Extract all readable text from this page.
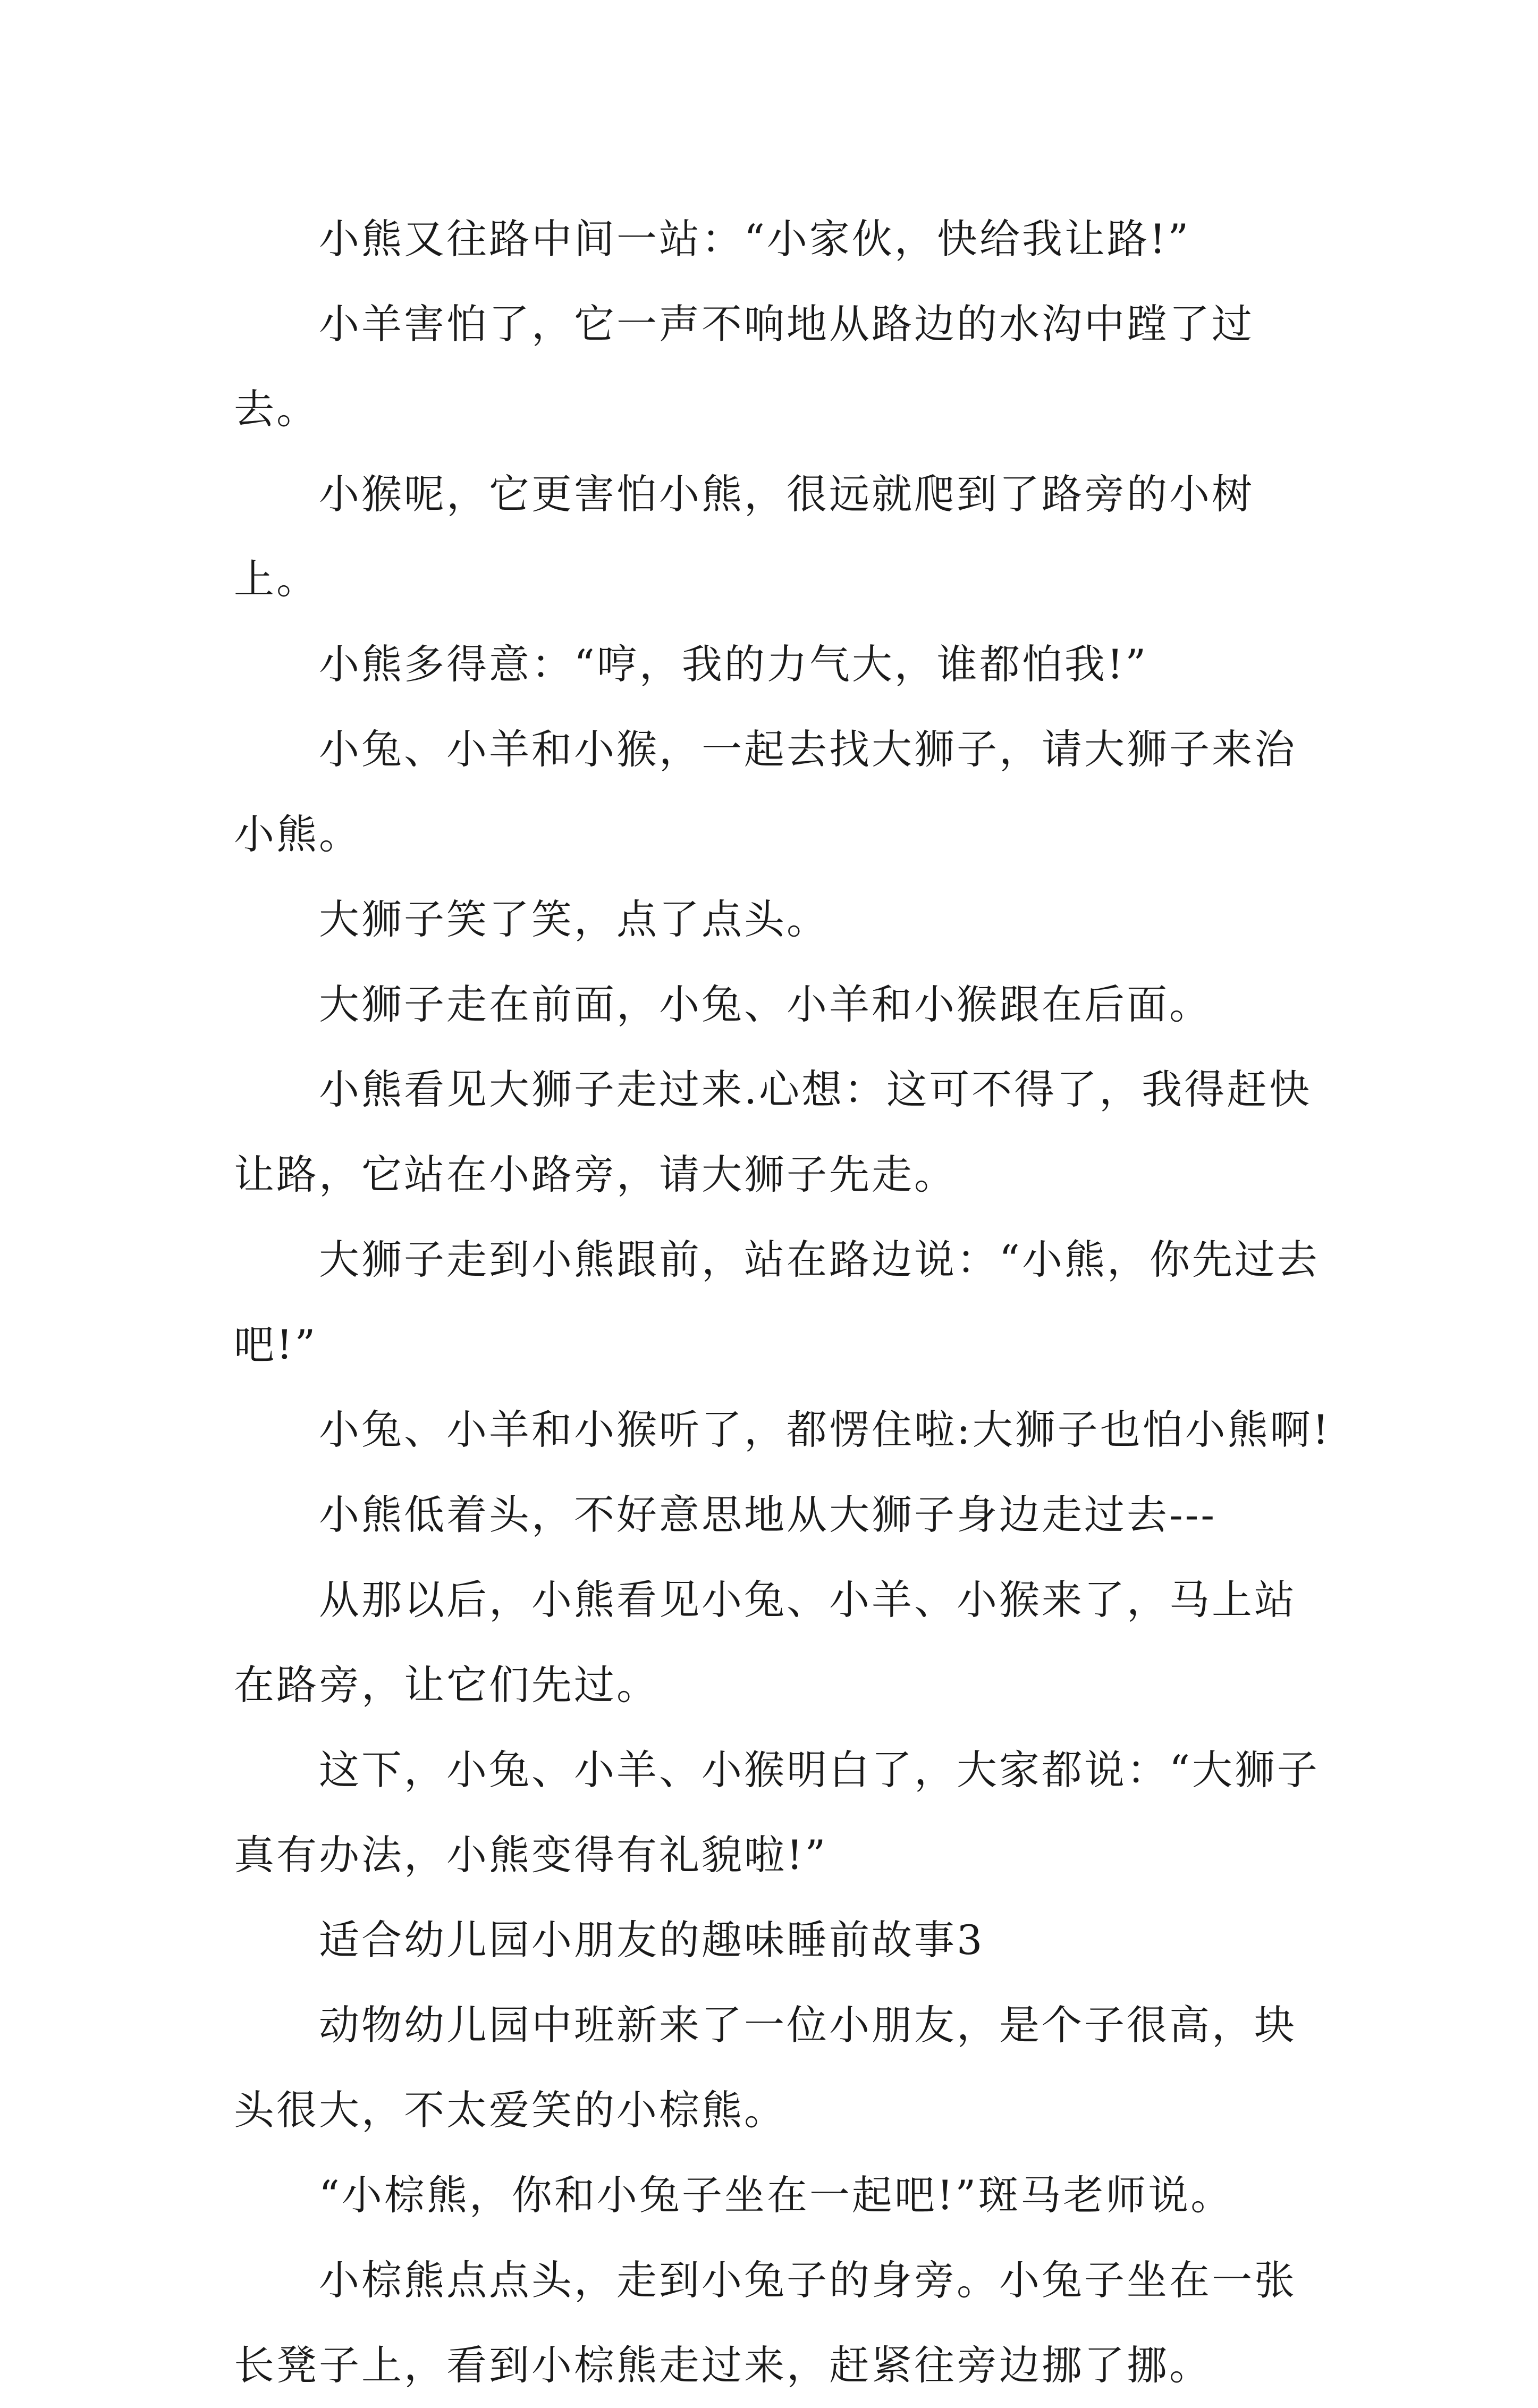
小熊又往路中间一站：“小家伙，快给我让路!”

小羊害怕了，它一声不响地从路边的水沟中蹚了过去。

小猴呢，它更害怕小熊，很远就爬到了路旁的小树上。

小熊多得意：“哼，我的力气大，谁都怕我!”

小兔、小羊和小猴，一起去找大狮子，请大狮子来治小熊。

大狮子笑了笑，点了点头。

大狮子走在前面，小兔、小羊和小猴跟在后面。

小熊看见大狮子走过来.心想：这可不得了，我得赶快让路，它站在小路旁，请大狮子先走。

大狮子走到小熊跟前，站在路边说：“小熊，你先过去吧!”

小兔、小羊和小猴听了，都愣住啦:大狮子也怕小熊啊!

小熊低着头，不好意思地从大狮子身边走过去---

从那以后，小熊看见小兔、小羊、小猴来了，马上站在路旁，让它们先过。

这下，小兔、小羊、小猴明白了，大家都说：“大狮子真有办法，小熊变得有礼貌啦!”

适合幼儿园小朋友的趣味睡前故事3

动物幼儿园中班新来了一位小朋友，是个子很高，块头很大，不太爱笑的小棕熊。

“小棕熊，你和小兔子坐在一起吧!”斑马老师说。

小棕熊点点头，走到小兔子的身旁。小兔子坐在一张长凳子上，看到小棕熊走过来，赶紧往旁边挪了挪。
